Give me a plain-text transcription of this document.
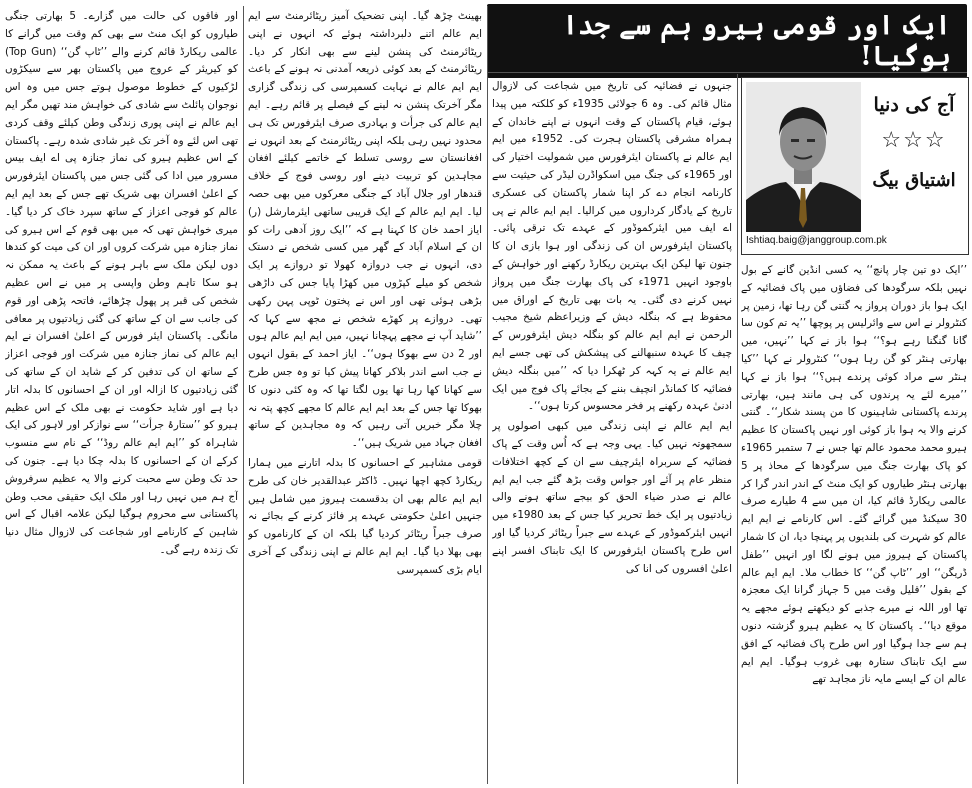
ایک اور قومی ہیرو ہم سے جدا ہوگیا!
آج کی دنیا
☆☆☆
اشتیاق بیگ
Ishtiaq.baig@janggroup.com.pk

’’ایک دو تین چار پانچ‘‘ یہ کسی انڈین گانے کے بول نہیں بلکہ سرگودھا کی فضاؤں میں پاک فضائیہ کے ایک ہوا باز دوران پرواز یہ گنتی گن رہا تھا، زمین پر کنٹرولر نے اس سے وائرلیس پر پوچھا ’’یہ تم کون سا گانا گنگنا رہے ہو؟‘‘ ہوا باز نے کہا ’’نہیں، میں بھارتی ہنٹر کو گن رہا ہوں‘‘ کنٹرولر نے کہا ’’کیا ہنٹر سے مراد کوئی پرندے ہیں؟‘‘ ہوا باز نے کہا ’’میرے لئے یہ پرندوں کی ہی مانند ہیں، بھارتی پرندے پاکستانی شاہینوں کا من پسند شکار‘‘۔ گنتی کرنے والا یہ ہوا باز کوئی اور نہیں پاکستان کا عظیم ہیرو محمد محمود عالم تھا جس نے 7 ستمبر 1965ء کو پاک بھارت جنگ میں سرگودھا کے محاذ پر 5 بھارتی ہنٹر طیاروں کو ایک منٹ کے اندر اندر گرا کر عالمی ریکارڈ قائم کیا، ان میں سے 4 طیارے صرف 30 سیکنڈ میں گرائے گئے۔ اس کارنامے نے ایم ایم عالم کو شہرت کی بلندیوں پر پہنچا دیا، ان کا شمار پاکستان کے ہیروز میں ہونے لگا اور انہیں ’’طفل ڈریگن‘‘ اور ’’ٹاپ گن‘‘ کا خطاب ملا۔ ایم ایم عالم کے بقول ’’قلیل وقت میں 5 جہاز گرانا ایک معجزہ تھا اور اللہ نے میرے جذبے کو دیکھتے ہوئے مجھے یہ موقع دیا‘‘۔ پاکستان کا یہ عظیم ہیرو گزشتہ دنوں ہم سے جدا ہوگیا اور اس طرح پاک فضائیہ کے افق سے ایک تابناک ستارہ بھی غروب ہوگیا۔ ایم ایم عالم ان کے ایسے مایہ ناز مجاہد تھے

جنہوں نے فضائیہ کی تاریخ میں شجاعت کی لازوال مثال قائم کی۔ وہ 6 جولائی 1935ء کو کلکتہ میں پیدا ہوئے، قیام پاکستان کے وقت انہوں نے اپنے خاندان کے ہمراہ مشرقی پاکستان ہجرت کی۔ 1952ء میں ایم ایم عالم نے پاکستان ایئرفورس میں شمولیت اختیار کی اور 1965ء کی جنگ میں اسکواڈرن لیڈر کی حیثیت سے کارنامہ انجام دے کر اپنا شمار پاکستان کی عسکری تاریخ کے یادگار کرداروں میں کرالیا۔ ایم ایم عالم نے پی اے ایف میں ایئرکموڈور کے عہدے تک ترقی پائی۔ پاکستان ایئرفورس ان کی زندگی اور ہوا بازی ان کا جنون تھا لیکن ایک بہترین ریکارڈ رکھنے اور خواہش کے باوجود انہیں 1971ء کی پاک بھارت جنگ میں پرواز نہیں کرنے دی گئی۔ یہ بات بھی تاریخ کے اوراق میں محفوظ ہے کہ بنگلہ دیش کے وزیراعظم شیخ مجیب الرحمن نے ایم ایم عالم کو بنگلہ دیش ایئرفورس کے چیف کا عہدہ سنبھالنے کی پیشکش کی تھی جسے ایم ایم عالم نے یہ کہہ کر ٹھکرا دیا کہ ’’میں بنگلہ دیش فضائیہ کا کمانڈر انچیف بننے کے بجائے پاک فوج میں ایک ادنیٰ عہدہ رکھنے پر فخر محسوس کرتا ہوں‘‘۔

ایم ایم عالم نے اپنی زندگی میں کبھی اصولوں پر سمجھوتہ نہیں کیا۔ یہی وجہ ہے کہ اُس وقت کے پاک فضائیہ کے سربراہ ایئرچیف سے ان کے کچھ اختلافات منظر عام پر آئے اور جواس وقت بڑھ گئے جب ایم ایم عالم نے صدر ضیاء الحق کو بیجے ساتھ ہونے والی زیادتیوں پر ایک خط تحریر کیا جس کے بعد 1980ء میں انہیں ایئرکموڈور کے عہدے سے جبراً ریٹائر کردیا گیا اور اس طرح پاکستان ایئرفورس کا ایک تابناک افسر اپنے اعلیٰ افسروں کی انا کی

بھینٹ چڑھ گیا۔ اپنی تضحیک آمیز ریٹائرمنٹ سے ایم ایم عالم اتنے دلبرداشتہ ہوئے کہ انہوں نے اپنی ریٹائرمنٹ کی پنشن لینے سے بھی انکار کر دیا۔ ریٹائرمنٹ کے بعد کوئی ذریعہ آمدنی نہ ہونے کے باعث ایم ایم عالم نے نہایت کسمپرسی کی زندگی گزاری مگر آخرتک پنشن نہ لینے کے فیصلے پر قائم رہے۔ ایم ایم عالم کی جرأت و بہادری صرف ایئرفورس تک ہی محدود نہیں رہی بلکہ اپنی ریٹائرمنٹ کے بعد انہوں نے افغانستان سے روسی تسلط کے خاتمے کیلئے افغان مجاہدین کو تربیت دینے اور روسی فوج کے خلاف قندھار اور جلال آباد کے جنگی معرکوں میں بھی حصہ لیا۔ ایم ایم عالم کے ایک قریبی ساتھی ایئرمارشل (ر) ایاز احمد خان کا کہنا ہے کہ ’’ایک روز آدھی رات کو ان کے اسلام آباد کے گھر میں کسی شخص نے دستک دی، انہوں نے جب دروازہ کھولا تو دروازے پر ایک شخص کو میلے کپڑوں میں کھڑا پایا جس کی داڑھی بڑھی ہوئی تھی اور اس نے پختون ٹوپی پہن رکھی تھی۔ دروازے پر کھڑے شخص نے مجھ سے کہا کہ ’’شاید آپ نے مجھے پہچانا نہیں، میں ایم ایم عالم ہوں اور 2 دن سے بھوکا ہوں‘‘۔ ایاز احمد کے بقول انہوں نے جب اسے اندر بلاکر کھانا پیش کیا تو وہ جس طرح سے کھانا کھا رہا تھا یوں لگتا تھا کہ وہ کئی دنوں کا بھوکا تھا جس کے بعد ایم ایم عالم کا مجھے کچھ پتہ نہ چلا مگر خبریں آتی رہیں کہ وہ مجاہدین کے ساتھ افغان جہاد میں شریک ہیں‘‘۔

قومی مشاہیر کے احسانوں کا بدلہ اتارنے میں ہمارا ریکارڈ کچھ اچھا نہیں۔ ڈاکٹر عبدالقدیر خان کی طرح ایم ایم عالم بھی ان بدقسمت ہیروز میں شامل ہیں جنہیں اعلیٰ حکومتی عہدے پر فائز کرنے کے بجائے نہ صرف جبراً ریٹائر کردیا گیا بلکہ ان کے کارناموں کو بھی بھلا دیا گیا۔ ایم ایم عالم نے اپنی زندگی کے آخری ایام بڑی کسمپرسی

اور فاقوں کی حالت میں گزارے۔ 5 بھارتی جنگی طیاروں کو ایک منٹ سے بھی کم وقت میں گرانے کا عالمی ریکارڈ قائم کرنے والے ’’ٹاپ گن‘‘ (Top Gun) کو کیریئر کے عروج میں پاکستان بھر سے سیکڑوں لڑکیوں کے خطوط موصول ہوتے جس میں وہ اس نوجوان پائلٹ سے شادی کی خواہش مند تھیں مگر ایم ایم عالم نے اپنی پوری زندگی وطن کیلئے وقف کردی تھی اس لئے وہ آخر تک غیر شادی شدہ رہے۔ پاکستان کے اس عظیم ہیرو کی نماز جنازہ پی اے ایف بیس مسرور میں ادا کی گئی جس میں پاکستان ایئرفورس کے اعلیٰ افسران بھی شریک تھے جس کے بعد ایم ایم عالم کو فوجی اعزاز کے ساتھ سپرد خاک کر دیا گیا۔ میری خواہش تھی کہ میں بھی قوم کے اس ہیرو کی نماز جنازہ میں شرکت کروں اور ان کی میت کو کندھا دوں لیکن ملک سے باہر ہونے کے باعث یہ ممکن نہ ہو سکا تاہم وطن واپسی پر میں نے اس عظیم شخص کی قبر پر پھول چڑھائے، فاتحہ پڑھی اور قوم کی جانب سے ان کے ساتھ کی گئی زیادتیوں پر معافی مانگی۔ پاکستان ایئر فورس کے اعلیٰ افسران نے ایم ایم عالم کی نماز جنازہ میں شرکت اور فوجی اعزاز کے ساتھ ان کی تدفین کر کے شاید ان کے ساتھ کی گئی زیادتیوں کا ازالہ اور ان کے احسانوں کا بدلہ اتار دیا ہے اور شاید حکومت نے بھی ملک کے اس عظیم ہیرو کو ’’ستارۂ جرأت‘‘ سے نوازکر اور لاہور کی ایک شاہراہ کو ’’ایم ایم عالم روڈ‘‘ کے نام سے منسوب کرکے ان کے احسانوں کا بدلہ چکا دیا ہے۔ جنون کی حد تک وطن سے محبت کرنے والا یہ عظیم سرفروش آج ہم میں نہیں رہا اور ملک ایک حقیقی محب وطن پاکستانی سے محروم ہوگیا لیکن علامہ اقبال کے اس شاہین کے کارنامے اور شجاعت کی لازوال مثال دنیا تک زندہ رہے گی۔
